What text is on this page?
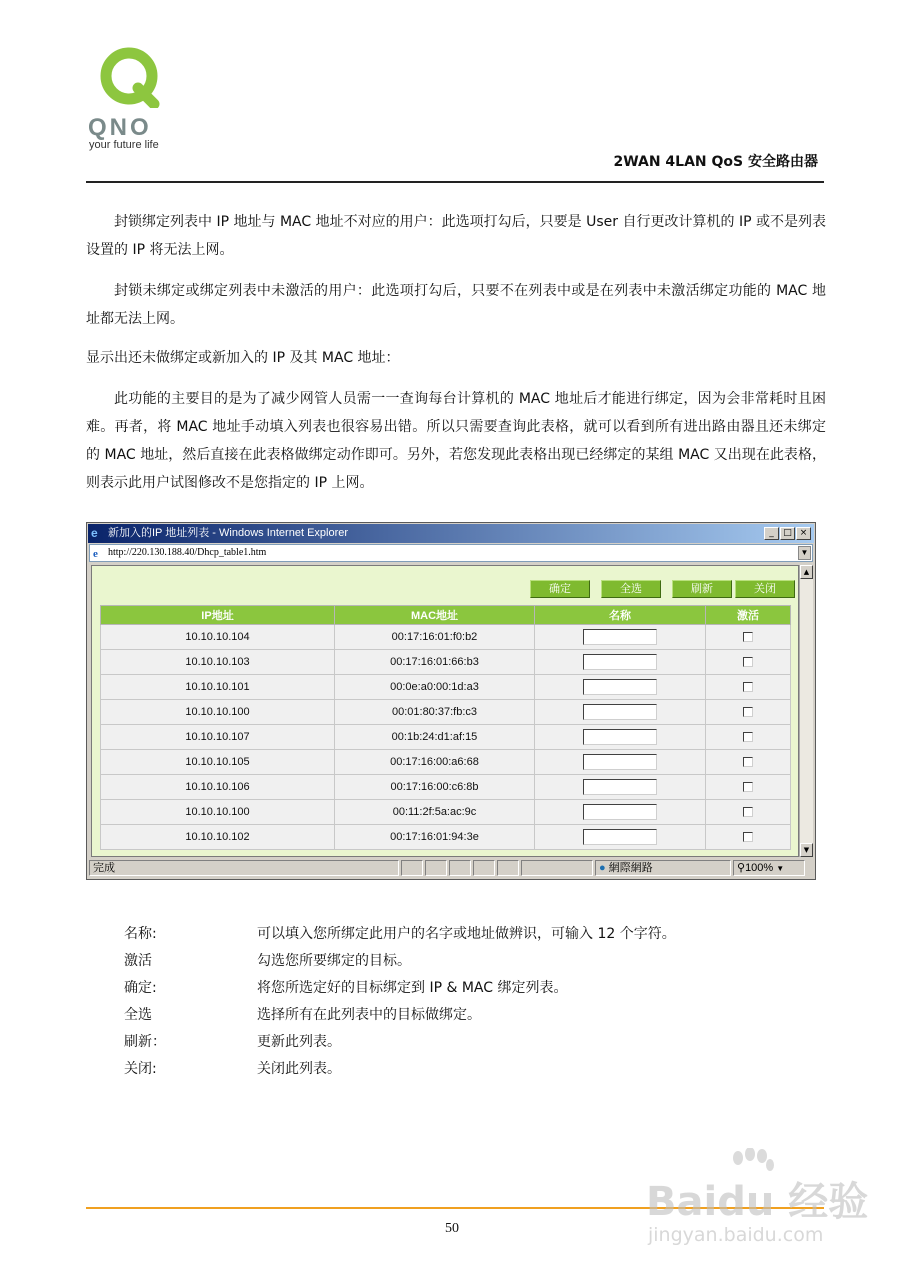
QNO
your future life
2WAN 4LAN QoS 安全路由器
封锁绑定列表中 IP 地址与 MAC 地址不对应的用户：此选项打勾后，只要是 User 自行更改计算机的 IP 或不是列表设置的 IP 将无法上网。
封锁未绑定或绑定列表中未激活的用户：此选项打勾后，只要不在列表中或是在列表中未激活绑定功能的 MAC 地址都无法上网。
显示出还未做绑定或新加入的 IP 及其 MAC 地址：
此功能的主要目的是为了减少网管人员需一一查询每台计算机的 MAC 地址后才能进行绑定，因为会非常耗时且困难。再者，将 MAC 地址手动填入列表也很容易出错。所以只需要查询此表格，就可以看到所有进出路由器且还未绑定的 MAC 地址，然后直接在此表格做绑定动作即可。另外，若您发现此表格出现已经绑定的某组 MAC 又出现在此表格，则表示此用户试图修改不是您指定的 IP 上网。
e 新加入的IP 地址列表 - Windows Internet Explorer	_	□ ×
e http://220.130.188.40/Dhcp_table1.htm	▼
确定	全选	刷新	关闭
IP地址	MAC地址	名称	激活
10.10.10.104	00:17:16:01:f0:b2		
10.10.10.103	00:17:16:01:66:b3		
10.10.10.101	00:0e:a0:00:1d:a3		
10.10.10.100	00:01:80:37:fb:c3		
10.10.10.107	00:1b:24:d1:af:15		
10.10.10.105	00:17:16:00:a6:68		
10.10.10.106	00:17:16:00:c6:8b		
10.10.10.100	00:11:2f:5a:ac:9c		
10.10.10.102	00:17:16:01:94:3e		
▲
▼
完成	● 網際網路	⚲100% ▼
名称:	可以填入您所绑定此用户的名字或地址做辨识，可输入 12 个字符。
激活	勾选您所要绑定的目标。
确定:	将您所选定好的目标绑定到 IP & MAC 绑定列表。
全选	选择所有在此列表中的目标做绑定。
刷新：	更新此列表。
关闭:	关闭此列表。
50
Baidu 经验
jingyan.baidu.com
